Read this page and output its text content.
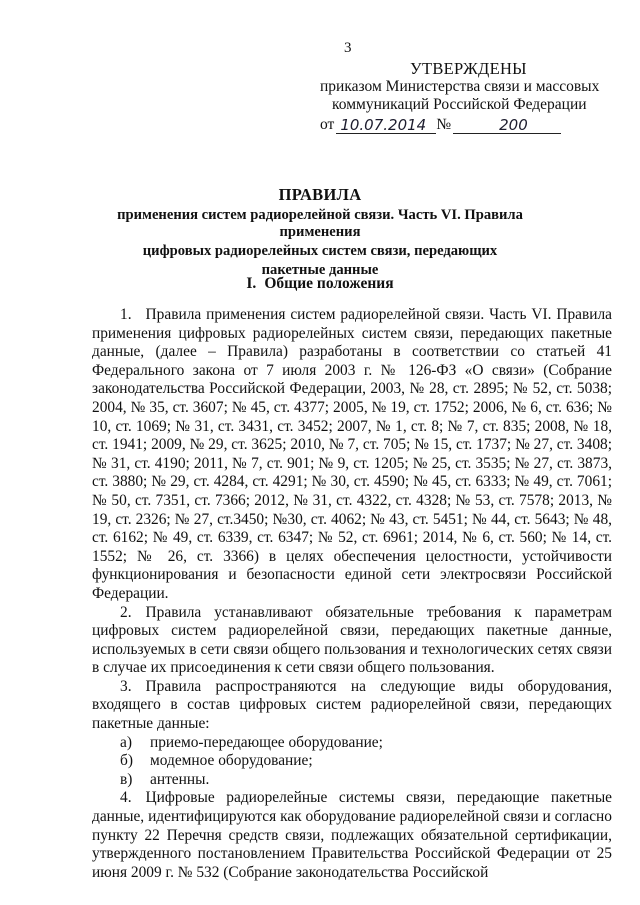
3
УТВЕРЖДЕНЫ
приказом Министерства связи и массовых
коммуникаций Российской Федерации
от 10.07.2014 №	200
ПРАВИЛА
применения систем радиорелейной связи. Часть VI. Правила применения
цифровых радиорелейных систем связи, передающих
пакетные данные
I. Общие положения

1. Правила применения систем радиорелейной связи. Часть VI. Правила применения цифровых радиорелейных систем связи, передающих пакетные данные, (далее – Правила) разработаны в соответствии со статьей 41 Федерального закона от 7 июля 2003 г. № 126-ФЗ «О связи» (Собрание законодательства Российской Федерации, 2003, № 28, ст. 2895; № 52, ст. 5038; 2004, № 35, ст. 3607; № 45, ст. 4377; 2005, № 19, ст. 1752; 2006, № 6, ст. 636; № 10, ст. 1069; № 31, ст. 3431, ст. 3452; 2007, № 1, ст. 8; № 7, ст. 835; 2008, № 18, ст. 1941; 2009, № 29, ст. 3625; 2010, № 7, ст. 705; № 15, ст. 1737; № 27, ст. 3408; № 31, ст. 4190; 2011, № 7, ст. 901; № 9, ст. 1205; № 25, ст. 3535; № 27, ст. 3873, ст. 3880; № 29, ст. 4284, ст. 4291; № 30, ст. 4590; № 45, ст. 6333; № 49, ст. 7061; № 50, ст. 7351, ст. 7366; 2012, № 31, ст. 4322, ст. 4328; № 53, ст. 7578; 2013, № 19, ст. 2326; № 27, ст.3450; №30, ст. 4062; № 43, ст. 5451; № 44, ст. 5643; № 48, ст. 6162; № 49, ст. 6339, ст. 6347; № 52, ст. 6961; 2014, № 6, ст. 560; № 14, ст. 1552; № 26, ст. 3366) в целях обеспечения целостности, устойчивости функционирования и безопасности единой сети электросвязи Российской Федерации.

2. Правила устанавливают обязательные требования к параметрам цифровых систем радиорелейной связи, передающих пакетные данные, используемых в сети связи общего пользования и технологических сетях связи в случае их присоединения к сети связи общего пользования.

3. Правила распространяются на следующие виды оборудования, входящего в состав цифровых систем радиорелейной связи, передающих пакетные данные:

а)	приемо-передающее оборудование;
б)	модемное оборудование;
в)	антенны.

4. Цифровые радиорелейные системы связи, передающие пакетные данные, идентифицируются как оборудование радиорелейной связи и согласно пункту 22 Перечня средств связи, подлежащих обязательной сертификации, утвержденного постановлением Правительства Российской Федерации от 25 июня 2009 г. № 532 (Собрание законодательства Российской
